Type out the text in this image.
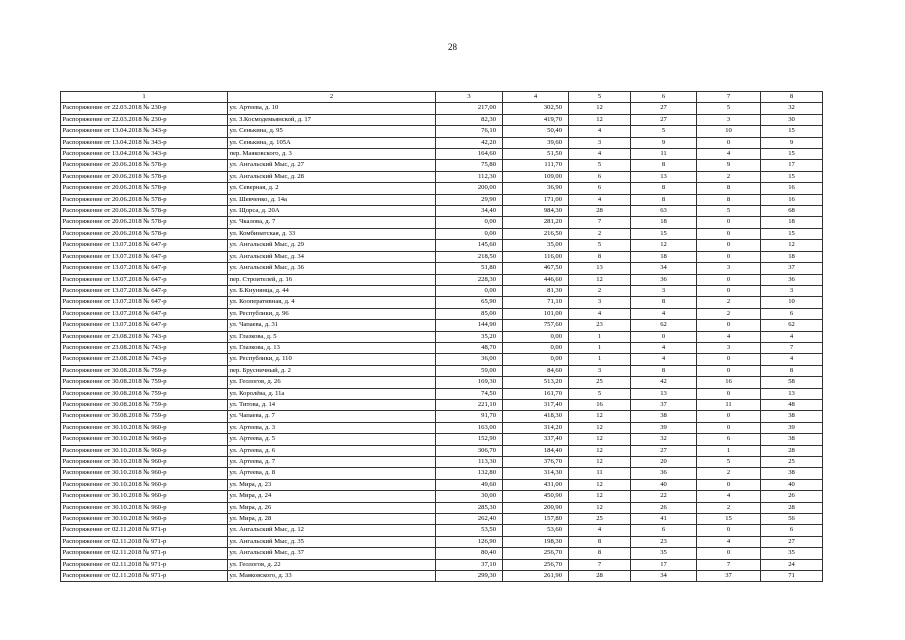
28
1	2	3	4	5	6	7	8
Распоряжение от 22.03.2018 № 230-р	ул. Артеева, д. 10	217,00	302,50	12	27	5	32
Распоряжение от 22.03.2018 № 230-р	ул. З.Космодемьянской, д. 17	82,30	419,70	12	27	3	30
Распоряжение от 13.04.2018 № 343-р	ул. Сенькина, д. 95	76,10	50,40	4	5	10	15
Распоряжение от 13.04.2018 № 343-р	ул. Сенькина, д. 105А	42,20	39,60	3	9	0	9
Распоряжение от 13.04.2018 № 343-р	пер. Маяковского, д. 3	164,60	51,50	4	11	4	15
Распоряжение от 20.06.2018 № 578-р	ул. Ангальский Мыс, д. 27	75,80	111,70	5	8	9	17
Распоряжение от 20.06.2018 № 578-р	ул. Ангальский Мыс, д. 28	112,30	109,00	6	13	2	15
Распоряжение от 20.06.2018 № 578-р	ул. Северная, д. 2	200,00	36,90	6	8	8	16
Распоряжение от 20.06.2018 № 578-р	ул. Шевченко, д. 14а	29,90	171,00	4	8	8	16
Распоряжение от 20.06.2018 № 578-р	ул. Щорса, д. 20А	34,40	984,30	28	63	5	68
Распоряжение от 20.06.2018 № 578-р	ул. Чкалова, д. 7	0,00	281,20	7	18	0	18
Распоряжение от 20.06.2018 № 578-р	ул. Комбинатская, д. 33	0,00	216,50	2	15	0	15
Распоряжение от 13.07.2018 № 647-р	ул. Ангальский Мыс, д. 29	145,60	35,00	5	12	0	12
Распоряжение от 13.07.2018 № 647-р	ул. Ангальский Мыс, д. 34	218,50	116,00	8	18	0	18
Распоряжение от 13.07.2018 № 647-р	ул. Ангальский Мыс, д. 36	51,80	467,50	13	34	3	37
Распоряжение от 13.07.2018 № 647-р	пер. Строителей, д. 16	228,30	446,60	12	36	0	36
Распоряжение от 13.07.2018 № 647-р	ул. Б.Кнунянца, д. 44	0,00	81,30	2	3	0	3
Распоряжение от 13.07.2018 № 647-р	ул. Кооперативная, д. 4	65,90	71,10	3	8	2	10
Распоряжение от 13.07.2018 № 647-р	ул. Республики, д. 96	85,00	101,00	4	4	2	6
Распоряжение от 13.07.2018 № 647-р	ул. Чапаева, д. 31	144,90	757,60	23	62	0	62
Распоряжение от 23.08.2018 № 743-р	ул. Глазкова, д. 5	35,20	0,00	1	0	4	4
Распоряжение от 23.08.2018 № 743-р	ул. Глазкова, д. 13	48,70	0,00	1	4	3	7
Распоряжение от 23.08.2018 № 743-р	ул. Республики, д. 110	36,00	0,00	1	4	0	4
Распоряжение от 30.08.2018 № 759-р	пер. Брусничный, д. 2	59,00	84,60	3	8	0	8
Распоряжение от 30.08.2018 № 759-р	ул. Геологов, д. 26	169,30	513,20	25	42	16	58
Распоряжение от 30.08.2018 № 759-р	ул. Королёва, д. 11а	74,50	161,70	5	13	0	13
Распоряжение от 30.08.2018 № 759-р	ул. Титова, д. 14	221,10	317,40	16	37	11	48
Распоряжение от 30.08.2018 № 759-р	ул. Чапаева, д. 7	91,70	418,30	12	38	0	38
Распоряжение от 30.10.2018 № 960-р	ул. Артеева, д. 3	163,00	314,20	12	39	0	39
Распоряжение от 30.10.2018 № 960-р	ул. Артеева, д. 5	152,90	337,40	12	32	6	38
Распоряжение от 30.10.2018 № 960-р	ул. Артеева, д. 6	306,70	184,40	12	27	1	28
Распоряжение от 30.10.2018 № 960-р	ул. Артеева, д. 7	113,30	376,70	12	20	5	25
Распоряжение от 30.10.2018 № 960-р	ул. Артеева, д. 8	132,80	314,30	11	36	2	38
Распоряжение от 30.10.2018 № 960-р	ул. Мира, д. 23	49,60	431,00	12	40	0	40
Распоряжение от 30.10.2018 № 960-р	ул. Мира, д. 24	30,00	450,90	12	22	4	26
Распоряжение от 30.10.2018 № 960-р	ул. Мира, д. 26	285,30	200,90	12	26	2	28
Распоряжение от 30.10.2018 № 960-р	ул. Мира, д. 28	262,40	157,80	25	41	15	56
Распоряжение от 02.11.2018 № 971-р	ул. Ангальский Мыс, д. 12	53,50	53,60	4	6	0	6
Распоряжение от 02.11.2018 № 971-р	ул. Ангальский Мыс, д. 35	126,90	198,30	8	23	4	27
Распоряжение от 02.11.2018 № 971-р	ул. Ангальский Мыс, д. 37	80,40	256,70	8	35	0	35
Распоряжение от 02.11.2018 № 971-р	ул. Геологов, д. 22	37,10	256,70	7	17	7	24
Распоряжение от 02.11.2018 № 971-р	ул. Маяковского, д. 33	299,30	261,90	28	34	37	71
